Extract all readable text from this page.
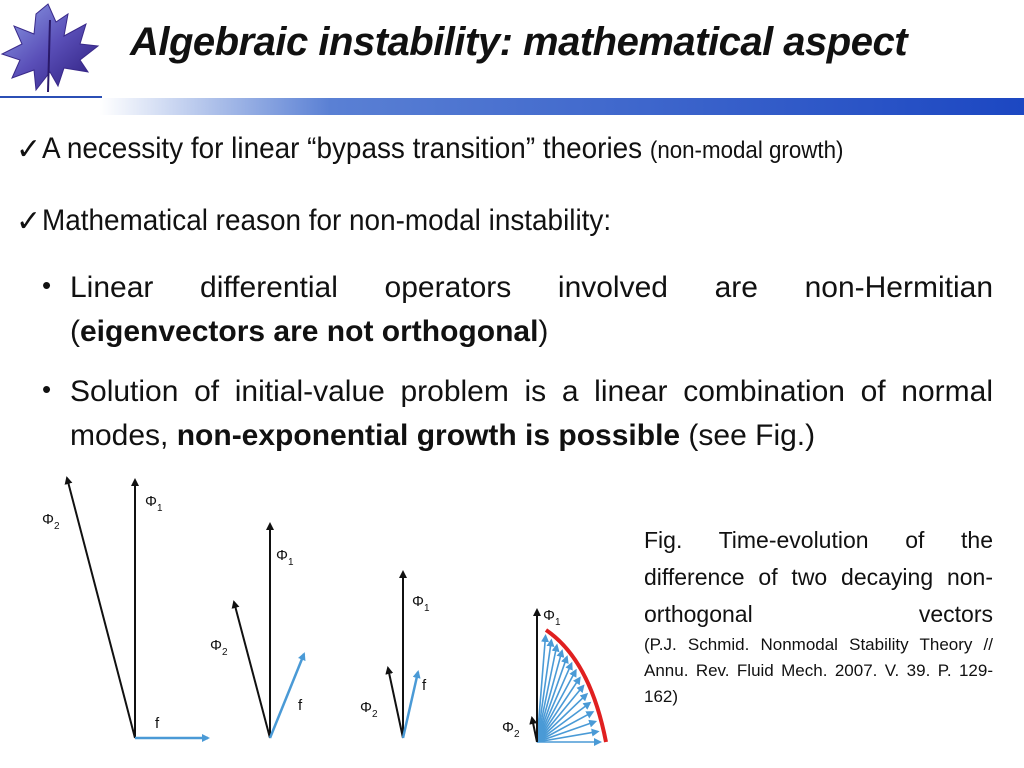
Algebraic instability: mathematical aspect
✓ A necessity for linear “bypass transition” theories (non-modal growth)
✓ Mathematical reason for non-modal instability:
• Linear differential operators involved are non-Hermitian (eigenvectors are not orthogonal)
• Solution of initial-value problem is a linear combination of normal modes, non-exponential growth is possible (see Fig.)
$\Phi_1$
$\Phi_2$
f
$\Phi_1$
$\Phi_2$
f
$\Phi_1$
$\Phi_2$
f
$\Phi_1$
$\Phi_2$
Fig. Time-evolution of the difference of two decaying non-orthogonal vectors
(P.J. Schmid. Nonmodal Stability Theory // Annu. Rev. Fluid Mech. 2007. V. 39. P. 129-162)
